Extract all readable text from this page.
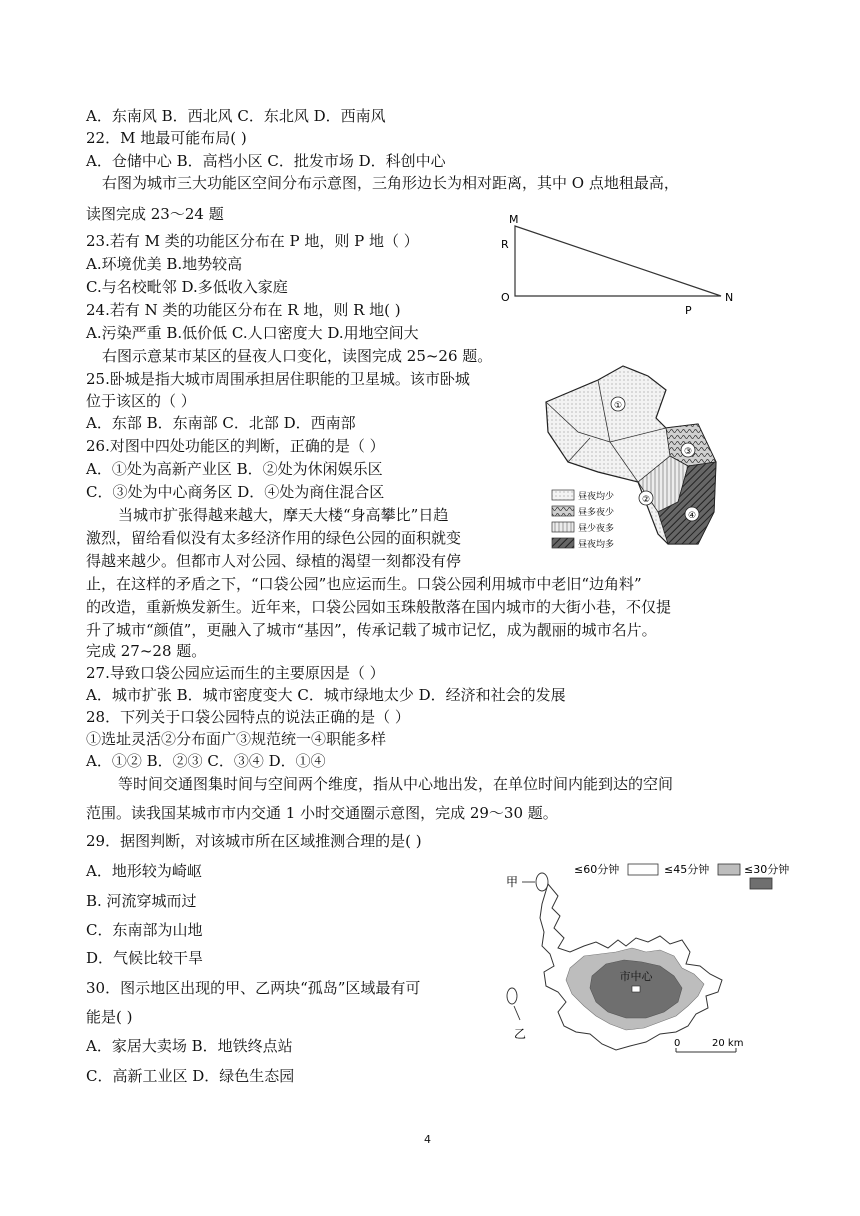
A．东南风 B．西北风 C．东北风 D．西南风
22．M 地最可能布局( )
A．仓储中心 B．高档小区 C．批发市场 D．科创中心
右图为城市三大功能区空间分布示意图，三角形边长为相对距离，其中 O 点地租最高，
读图完成 23～24 题
23.若有 M 类的功能区分布在 P 地，则 P 地（ ）
A.环境优美 B.地势较高
C.与名校毗邻 D.多低收入家庭
24.若有 N 类的功能区分布在 R 地，则 R 地( )
A.污染严重 B.低价低 C.人口密度大 D.用地空间大
右图示意某市某区的昼夜人口变化，读图完成 25~26 题。
25.卧城是指大城市周围承担居住职能的卫星城。该市卧城
位于该区的（ ）
A．东部 B．东南部 C．北部 D．西南部
26.对图中四处功能区的判断，正确的是（ ）
A．①处为高新产业区 B．②处为休闲娱乐区
C．③处为中心商务区 D．④处为商住混合区
当城市扩张得越来越大，摩天大楼“身高攀比”日趋
激烈，留给看似没有太多经济作用的绿色公园的面积就变
得越来越少。但都市人对公园、绿植的渴望一刻都没有停
止，在这样的矛盾之下，“口袋公园”也应运而生。口袋公园利用城市中老旧“边角料”
的改造，重新焕发新生。近年来，口袋公园如玉珠般散落在国内城市的大街小巷，不仅提
升了城市“颜值”，更融入了城市“基因”，传承记载了城市记忆，成为靓丽的城市名片。
完成 27~28 题。
27.导致口袋公园应运而生的主要原因是（ ）
A．城市扩张 B．城市密度变大 C．城市绿地太少 D．经济和社会的发展
28．下列关于口袋公园特点的说法正确的是（ ）
①选址灵活②分布面广③规范统一④职能多样
A．①② B．②③ C．③④ D．①④
等时间交通图集时间与空间两个维度，指从中心地出发，在单位时间内能到达的空间
范围。读我国某城市市内交通 1 小时交通圈示意图，完成 29～30 题。
29．据图判断，对该城市所在区域推测合理的是( )
A．地形较为崎岖
B. 河流穿城而过
C．东南部为山地
D．气候比较干旱
30．图示地区出现的甲、乙两块“孤岛”区域最有可
能是( )
A．家居大卖场 B．地铁终点站
C．高新工业区 D．绿色生态园
M
R
O
P
N
①
②
③
④
昼夜均少
昼多夜少
昼少夜多
昼夜均多
≤60分钟	≤45分钟	≤30分钟
市中心
甲
乙
0	20 km
4
